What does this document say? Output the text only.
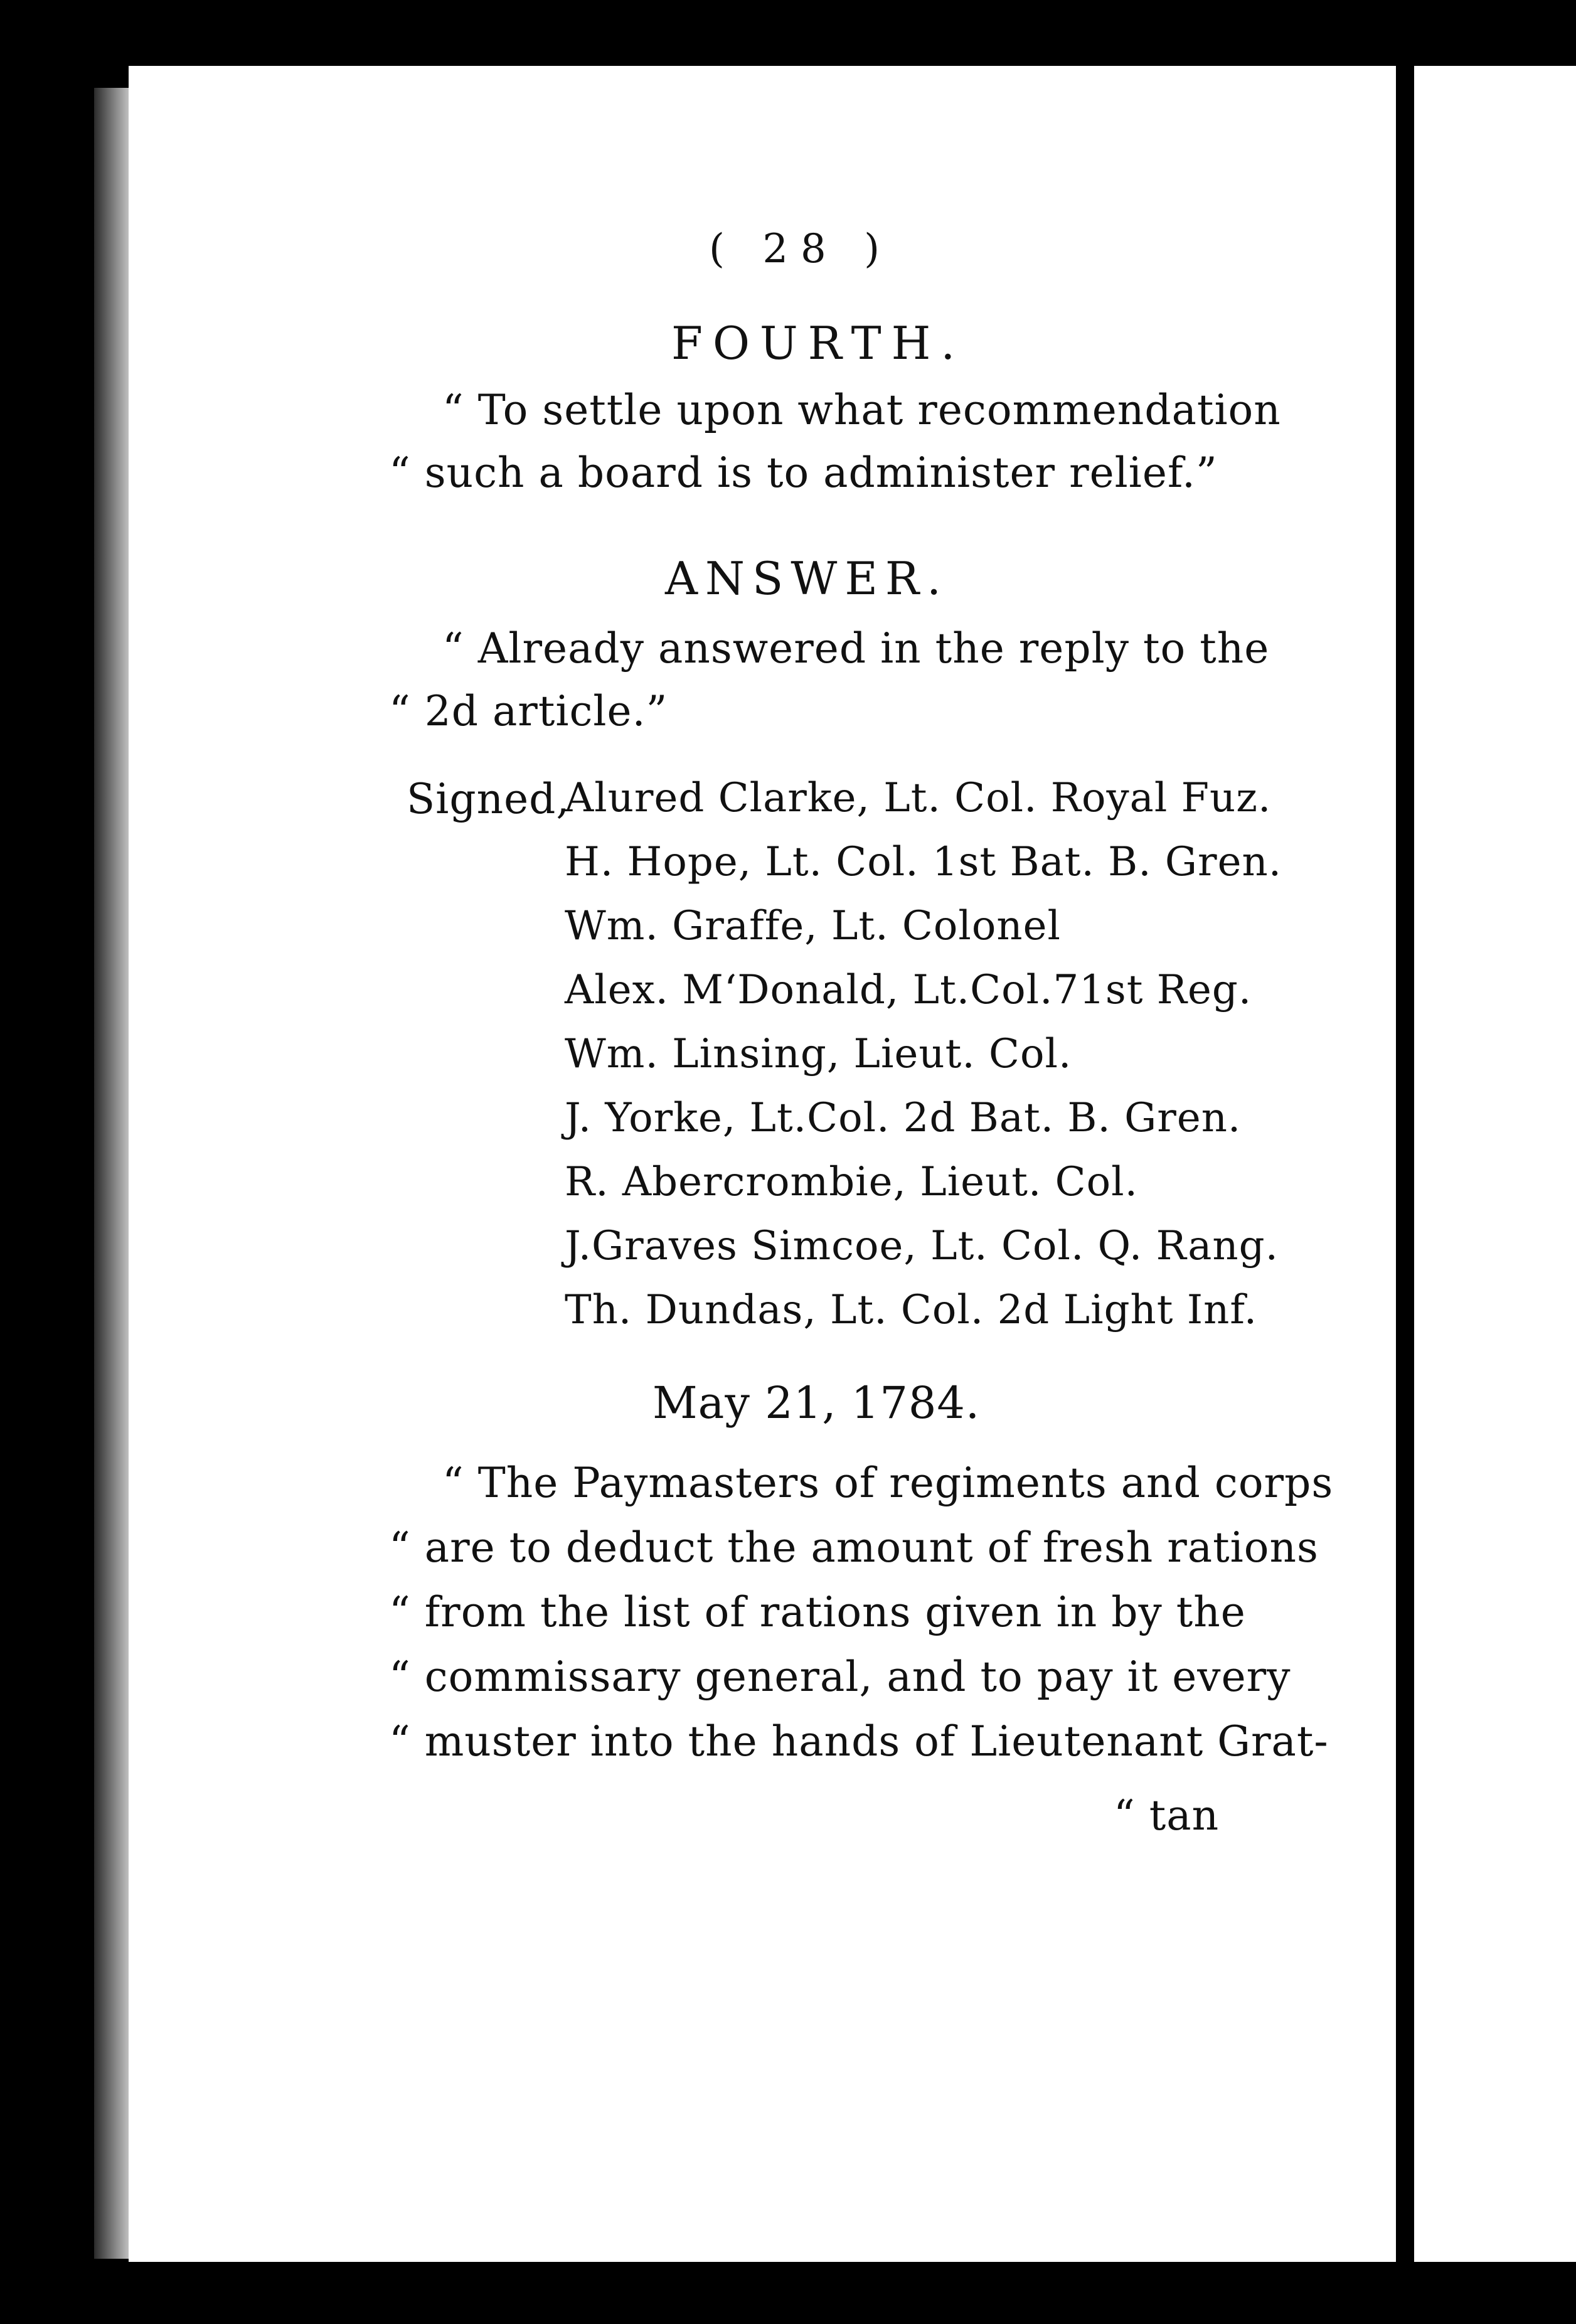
( 28 )
FOURTH.
“ To settle upon what recommendation
“ such a board is to administer relief.”
ANSWER.
“ Already answered in the reply to the
“ 2d article.”
Signed,
Alured Clarke, Lt. Col. Royal Fuz.
H. Hope, Lt. Col. 1st Bat. B. Gren.
Wm. Graffe, Lt. Colonel
Alex. M‘Donald, Lt.Col.71st Reg.
Wm. Linsing, Lieut. Col.
J. Yorke, Lt.Col. 2d Bat. B. Gren.
R. Abercrombie, Lieut. Col.
J.Graves Simcoe, Lt. Col. Q. Rang.
Th. Dundas, Lt. Col. 2d Light Inf.
May 21, 1784.
“ The Paymasters of regiments and corps
“ are to deduct the amount of fresh rations
“ from the list of rations given in by the
“ commissary general, and to pay it every
“ muster into the hands of Lieutenant Grat-
“ tan
